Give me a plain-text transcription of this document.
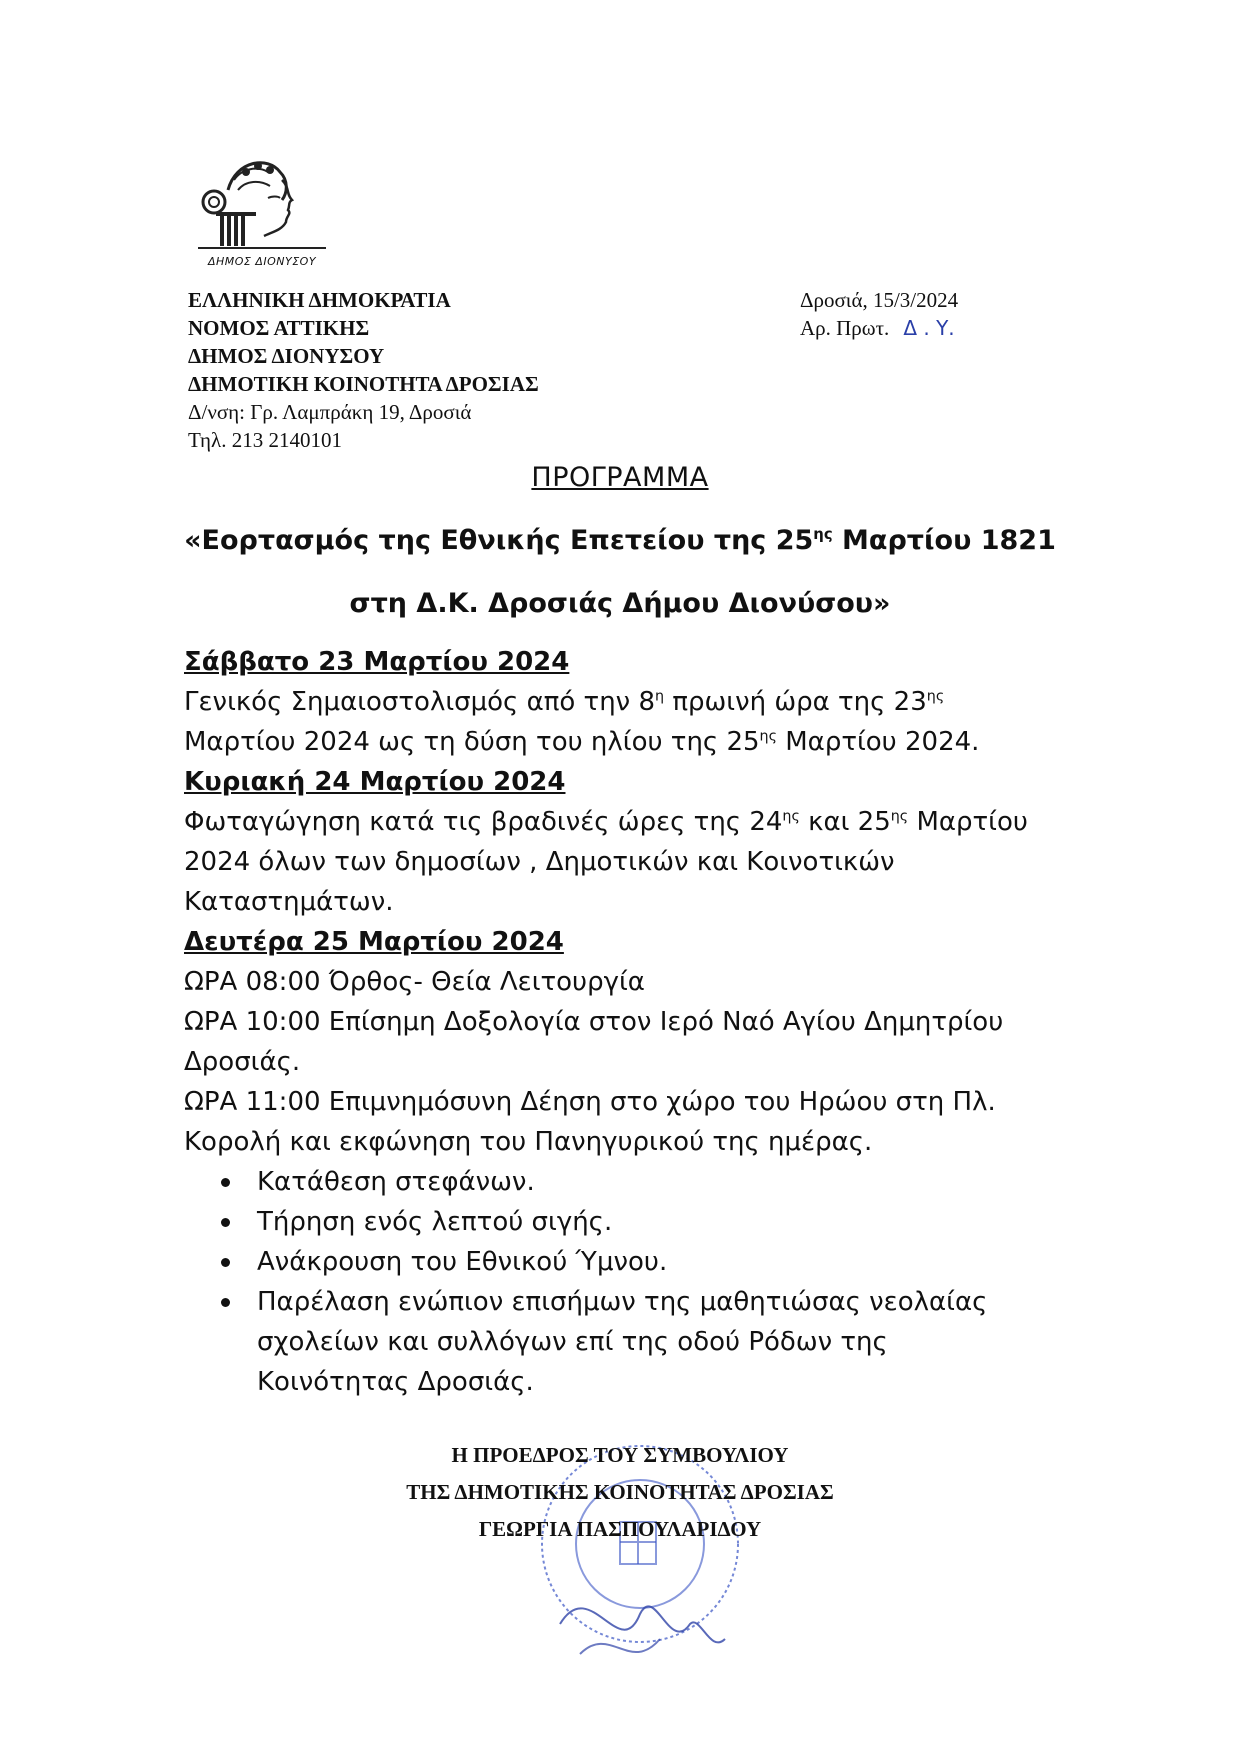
ΔΗΜΟΣ ΔΙΟΝΥΣΟΥ
ΕΛΛΗΝΙΚΗ ΔΗΜΟΚΡΑΤΙΑ
ΝΟΜΟΣ ΑΤΤΙΚΗΣ
ΔΗΜΟΣ ΔΙΟΝΥΣΟΥ
ΔΗΜΟΤΙΚΗ ΚΟΙΝΟΤΗΤΑ ΔΡΟΣΙΑΣ
Δ/νση: Γρ. Λαμπράκη 19, Δροσιά
Τηλ. 213 2140101
Δροσιά, 15/3/2024
Αρ. Πρωτ. Δ . Υ.
ΠΡΟΓΡΑΜΜΑ
«Εορτασμός της Εθνικής Επετείου της $25^{\eta\varsigma}$ Μαρτίου 1821
στη Δ.Κ. Δροσιάς Δήμου Διονύσου»
Σάββατο 23 Μαρτίου 2024
Γενικός Σημαιοστολισμός από την $8^\eta$ πρωινή ώρα της $23^{\eta\varsigma}$
Μαρτίου 2024 ως τη δύση του ηλίου της $25^{\eta\varsigma}$ Μαρτίου 2024.
Κυριακή 24 Μαρτίου 2024
Φωταγώγηση κατά τις βραδινές ώρες της $24^{\eta\varsigma}$ και $25^{\eta\varsigma}$ Μαρτίου
2024 όλων των δημοσίων , Δημοτικών και Κοινοτικών
Καταστημάτων.
Δευτέρα 25 Μαρτίου 2024
ΩΡΑ 08:00 Όρθος- Θεία Λειτουργία
ΩΡΑ 10:00 Επίσημη Δοξολογία στον Ιερό Ναό Αγίου Δημητρίου
Δροσιάς.
ΩΡΑ 11:00 Επιμνημόσυνη Δέηση στο χώρο του Ηρώου στη Πλ.
Κορολή και εκφώνηση του Πανηγυρικού της ημέρας.
Κατάθεση στεφάνων.
Τήρηση ενός λεπτού σιγής.
Ανάκρουση του Εθνικού Ύμνου.
Παρέλαση ενώπιον επισήμων της μαθητιώσας νεολαίας σχολείων και συλλόγων επί της οδού Ρόδων της Κοινότητας Δροσιάς.
Η ΠΡΟΕΔΡΟΣ ΤΟΥ ΣΥΜΒΟΥΛΙΟΥ
ΤΗΣ ΔΗΜΟΤΙΚΗΣ ΚΟΙΝΟΤΗΤΑΣ ΔΡΟΣΙΑΣ
ΓΕΩΡΓΙΑ ΠΑΣΠΟΥΛΑΡΙΔΟΥ
